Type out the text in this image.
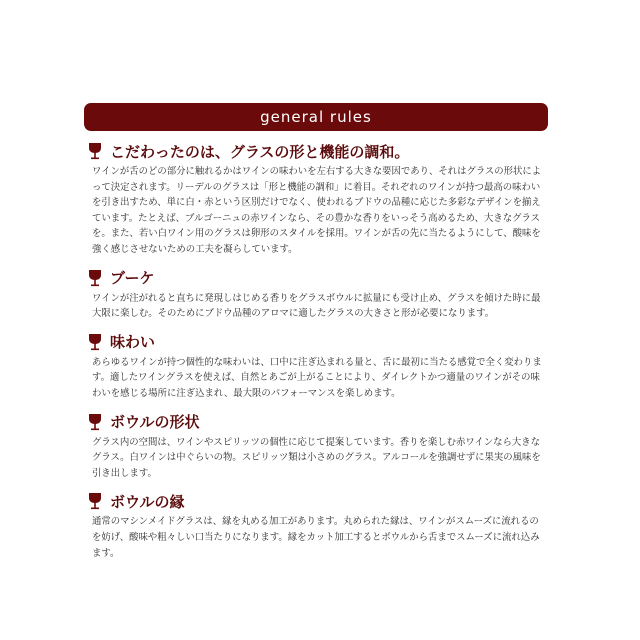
general rules
こだわったのは、グラスの形と機能の調和。
ワインが舌のどの部分に触れるかはワインの味わいを左右する大きな要因であり、それはグラスの形状によって決定されます。リーデルのグラスは「形と機能の調和」に着目。それぞれのワインが持つ最高の味わいを引き出すため、単に白・赤という区別だけでなく、使われるブドウの品種に応じた多彩なデザインを揃えています。たとえば、ブルゴーニュの赤ワインなら、その豊かな香りをいっそう高めるため、大きなグラスを。また、若い白ワイン用のグラスは卵形のスタイルを採用。ワインが舌の先に当たるようにして、酸味を強く感じさせないための工夫を凝らしています。
ブーケ
ワインが注がれると直ちに発現しはじめる香りをグラスボウルに拡量にも受け止め、グラスを傾けた時に最大限に楽しむ。そのためにブドウ品種のアロマに適したグラスの大きさと形が必要になります。
味わい
あらゆるワインが持つ個性的な味わいは、口中に注ぎ込まれる量と、舌に最初に当たる感覚で全く変わります。適したワイングラスを使えば、自然とあごが上がることにより、ダイレクトかつ適量のワインがその味わいを感じる場所に注ぎ込まれ、最大限のパフォーマンスを楽しめます。
ボウルの形状
グラス内の空間は、ワインやスピリッツの個性に応じて提案しています。香りを楽しむ赤ワインなら大きなグラス。白ワインは中ぐらいの物。スピリッツ類は小さめのグラス。アルコールを強調せずに果実の風味を引き出します。
ボウルの縁
通常のマシンメイドグラスは、縁を丸める加工があります。丸められた縁は、ワインがスムーズに流れるのを妨げ、酸味や粗々しい口当たりになります。縁をカット加工するとボウルから舌までスムーズに流れ込みます。
